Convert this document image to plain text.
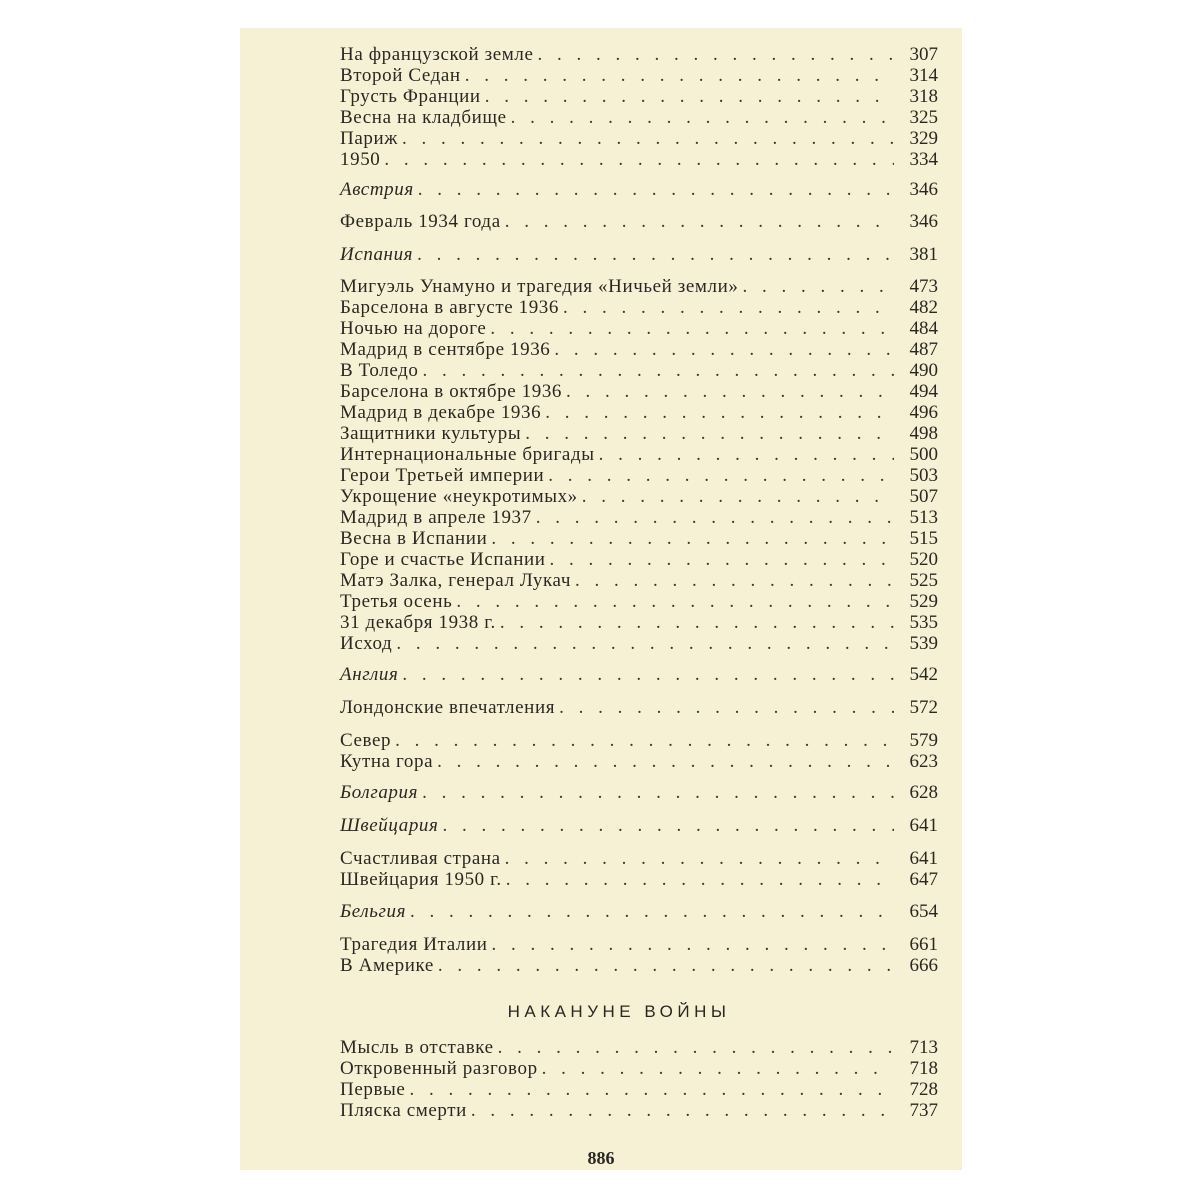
На французской земле . . .	307
Второй Седан . . .	314
Грусть Франции . . .	318
Весна на кладбище . . .	325
Париж . . .	329
1950 . . .	334
Австрия . . .	346
Февраль 1934 года . . .	346
Испания . . .	381
Мигуэль Унамуно и трагедия «Ничьей земли» . . .	473
Барселона в августе 1936 . . .	482
Ночью на дороге . . .	484
Мадрид в сентябре 1936 . . .	487
В Толедо . . .	490
Барселона в октябре 1936 . . .	494
Мадрид в декабре 1936 . . .	496
Защитники культуры . . .	498
Интернациональные бригады . . .	500
Герои Третьей империи . . .	503
Укрощение «неукротимых» . . .	507
Мадрид в апреле 1937 . . .	513
Весна в Испании . . .	515
Горе и счастье Испании . . .	520
Матэ Залка, генерал Лукач . . .	525
Третья осень . . .	529
31 декабря 1938 г. . . .	535
Исход . . .	539
Англия . . .	542
Лондонские впечатления . . .	572
Север . . .	579
Кутна гора . . .	623
Болгария . . .	628
Швейцария . . .	641
Счастливая страна . . .	641
Швейцария 1950 г. . . .	647
Бельгия . . .	654
Трагедия Италии . . .	661
В Америке . . .	666
НАКАНУНЕ ВОЙНЫ
Мысль в отставке . . .	713
Откровенный разговор . . .	718
Первые . . .	728
Пляска смерти . . .	737
886
